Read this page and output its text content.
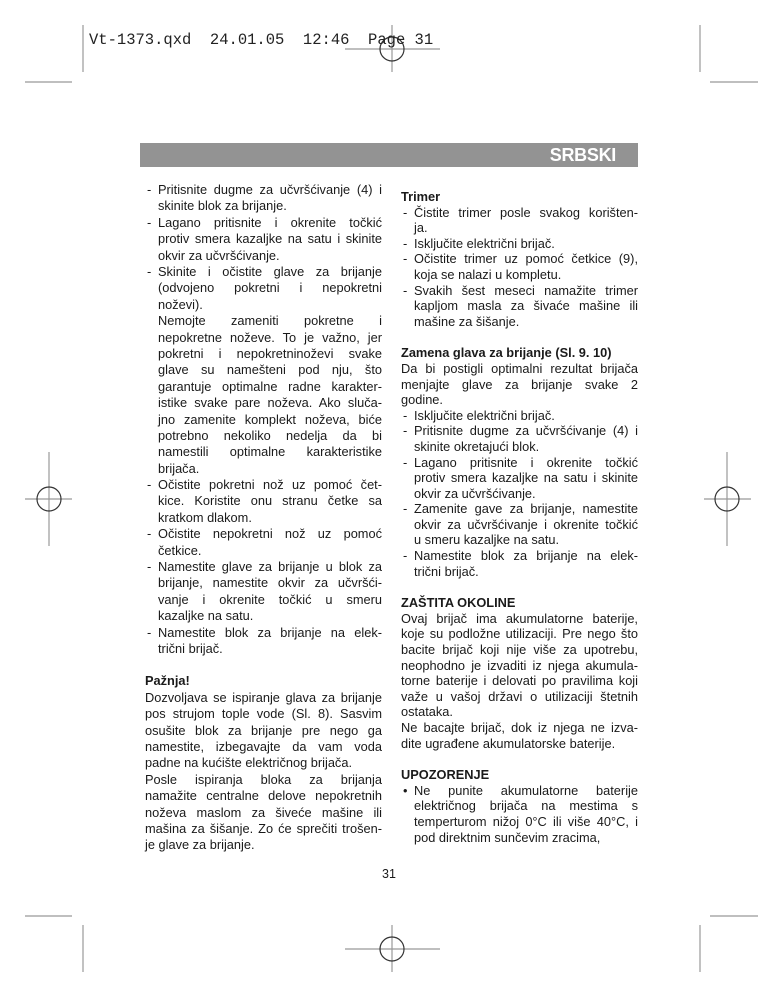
Vt-1373.qxd  24.01.05  12:46  Page 31
SRBSKI
- Pritisnite dugme za učvršćivanje (4) i
skinite blok za brijanje.
- Lagano pritisnite i okrenite točkić
protiv smera kazaljke na satu i skinite
okvir za učvršćivanje.
- Skinite i očistite glave za brijanje
(odvojeno pokretni i nepokretni
noževi).
Nemojte zameniti pokretne i
nepokretne noževe. To je važno, jer
pokretni i nepokretninoževi svake
glave su namešteni pod nju, što
garantuje optimalne radne karakter-
istike svake pare noževa. Ako sluča-
jno zamenite komplekt noževa, biće
potrebno nekoliko nedelja da bi
namestili optimalne karakteristike
brijača.
- Očistite pokretni nož uz pomoć čet-
kice. Koristite onu stranu četke sa
kratkom dlakom.
- Očistite nepokretni nož uz pomoć
četkice.
- Namestite glave za brijanje u blok za
brijanje, namestite okvir za učvršći-
vanje i okrenite točkić u smeru
kazaljke na satu.
- Namestite blok za brijanje na elek-
trični brijač.
Pažnja!
Dozvoljava se ispiranje glava za brijanje
pos strujom tople vode (Sl. 8). Sasvim
osušite blok za brijanje pre nego ga
namestite, izbegavajte da vam voda
padne na kućište električnog brijača.
Posle ispiranja bloka za brijanja
namažite centralne delove nepokretnih
noževa maslom za šiveće mašine ili
mašina za šišanje. Zo će sprečiti trošen-
je glave za brijanje.
Trimer
- Čistite trimer posle svakog korišten-
ja.
- Isključite električni brijač.
- Očistite trimer uz pomoć četkice (9),
koja se nalazi u kompletu.
- Svakih šest meseci namažite trimer
kapljom masla za šivaće mašine ili
mašine za šišanje.
Zamena glava za brijanje (Sl. 9. 10)
Da bi postigli optimalni rezultat brijača
menjajte glave za brijanje svake 2
godine.
- Isključite električni brijač.
- Pritisnite dugme za učvršćivanje (4) i
skinite okretajući blok.
- Lagano pritisnite i okrenite točkić
protiv smera kazaljke na satu i skinite
okvir za učvršćivanje.
- Zamenite gave za brijanje, namestite
okvir za učvršćivanje i okrenite točkić
u smeru kazaljke na satu.
- Namestite blok za brijanje na elek-
trični brijač.
ZAŠTITA OKOLINE
Ovaj brijač ima akumulatorne baterije,
koje su podložne utilizaciji. Pre nego što
bacite brijač koji nije više za upotrebu,
neophodno je izvaditi iz njega akumula-
torne baterije i delovati po pravilima koji
važe u vašoj državi o utilizaciji štetnih
ostataka.
Ne bacajte brijač, dok iz njega ne izva-
dite ugrađene akumulatorske baterije.
UPOZORENJE
• Ne punite akumulatorne baterije
električnog brijača na mestima s
temperturom nižoj 0°C ili više 40°C, i
pod direktnim sunčevim zracima,
31
